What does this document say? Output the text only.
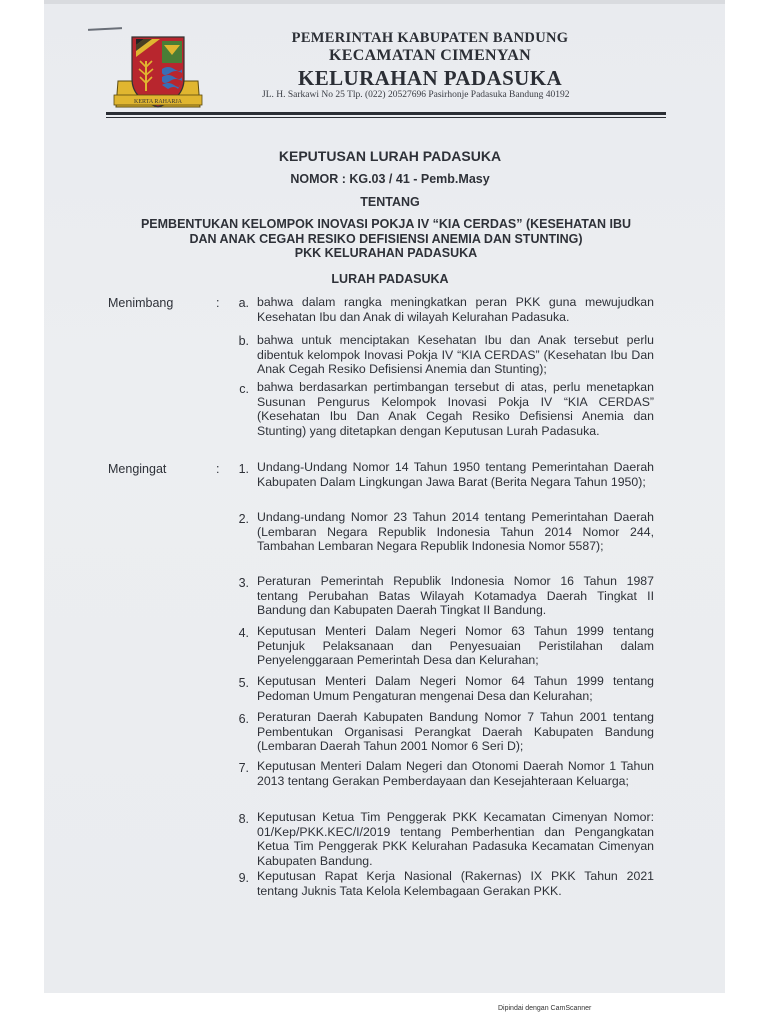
KERTA RAHARJA
PEMERINTAH KABUPATEN BANDUNG
KECAMATAN CIMENYAN
KELURAHAN PADASUKA
JL. H. Sarkawi No 25 Tlp. (022) 20527696 Pasirhonje Padasuka Bandung 40192
KEPUTUSAN LURAH PADASUKA
NOMOR : KG.03 / 41 - Pemb.Masy
TENTANG
PEMBENTUKAN KELOMPOK INOVASI POKJA IV “KIA CERDAS” (KESEHATAN IBU
DAN ANAK CEGAH RESIKO DEFISIENSI ANEMIA DAN STUNTING)
PKK KELURAHAN PADASUKA
LURAH PADASUKA
Menimbang	:	a. bahwa dalam rangka meningkatkan peran PKK guna mewujudkan Kesehatan Ibu dan Anak di wilayah Kelurahan Padasuka.
b. bahwa untuk menciptakan Kesehatan Ibu dan Anak tersebut perlu dibentuk kelompok Inovasi Pokja IV “KIA CERDAS” (Kesehatan Ibu Dan Anak Cegah Resiko Defisiensi Anemia dan Stunting);
c. bahwa berdasarkan pertimbangan tersebut di atas, perlu menetapkan Susunan Pengurus Kelompok Inovasi Pokja IV “KIA CERDAS” (Kesehatan Ibu Dan Anak Cegah Resiko Defisiensi Anemia dan Stunting) yang ditetapkan dengan Keputusan Lurah Padasuka.
Mengingat	:	1. Undang-Undang Nomor 14 Tahun 1950 tentang Pemerintahan Daerah Kabupaten Dalam Lingkungan Jawa Barat (Berita Negara Tahun 1950);
2. Undang-undang Nomor 23 Tahun 2014 tentang Pemerintahan Daerah (Lembaran Negara Republik Indonesia Tahun 2014 Nomor 244, Tambahan Lembaran Negara Republik Indonesia Nomor 5587);
3. Peraturan Pemerintah Republik Indonesia Nomor 16 Tahun 1987 tentang Perubahan Batas Wilayah Kotamadya Daerah Tingkat II Bandung dan Kabupaten Daerah Tingkat II Bandung.
4. Keputusan Menteri Dalam Negeri Nomor 63 Tahun 1999 tentang Petunjuk Pelaksanaan dan Penyesuaian Peristilahan dalam Penyelenggaraan Pemerintah Desa dan Kelurahan;
5. Keputusan Menteri Dalam Negeri Nomor 64 Tahun 1999 tentang Pedoman Umum Pengaturan mengenai Desa dan Kelurahan;
6. Peraturan Daerah Kabupaten Bandung Nomor 7 Tahun 2001 tentang Pembentukan Organisasi Perangkat Daerah Kabupaten Bandung (Lembaran Daerah Tahun 2001 Nomor 6 Seri D);
7. Keputusan Menteri Dalam Negeri dan Otonomi Daerah Nomor 1 Tahun 2013 tentang Gerakan Pemberdayaan dan Kesejahteraan Keluarga;
8. Keputusan Ketua Tim Penggerak PKK Kecamatan Cimenyan Nomor: 01/Kep/PKK.KEC/I/2019 tentang Pemberhentian dan Pengangkatan Ketua Tim Penggerak PKK Kelurahan Padasuka Kecamatan Cimenyan Kabupaten Bandung.
9. Keputusan Rapat Kerja Nasional (Rakernas) IX PKK Tahun 2021 tentang Juknis Tata Kelola Kelembagaan Gerakan PKK.
Dipindai dengan CamScanner
